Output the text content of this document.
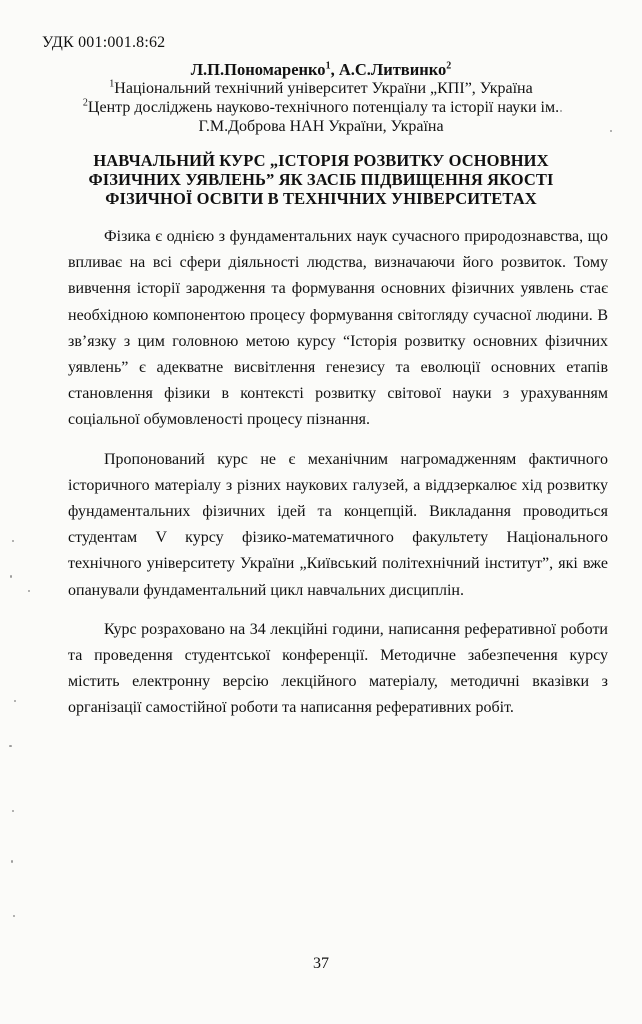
УДК 001:001.8:62
Л.П.Пономаренко$^1$, А.С.Литвинко$^2$
$^1$Національний технічний університет України „КПІ”, Україна
$^2$Центр досліджень науково-технічного потенціалу та історії науки ім.
Г.М.Доброва НАН України, Україна
НАВЧАЛЬНИЙ КУРС „ІСТОРІЯ РОЗВИТКУ ОСНОВНИХ
ФІЗИЧНИХ УЯВЛЕНЬ” ЯК ЗАСІБ ПІДВИЩЕННЯ ЯКОСТІ
ФІЗИЧНОЇ ОСВІТИ В ТЕХНІЧНИХ УНІВЕРСИТЕТАХ

Фізика є однією з фундаментальних наук сучасного природознавства, що впливає на всі сфери діяльності людства, визначаючи його розвиток. Тому вивчення історії зародження та формування основних фізичних уявлень стає необхідною компонентою процесу формування світогляду сучасної людини. В зв’язку з цим головною метою курсу “Історія розвитку основних фізичних уявлень” є адекватне висвітлення генезису та еволюції основних етапів становлення фізики в контексті розвитку світової науки з урахуванням соціальної обумовленості процесу пізнання.

Пропонований курс не є механічним нагромадженням фактичного історичного матеріалу з різних наукових галузей, а віддзеркалює хід розвитку фундаментальних фізичних ідей та концепцій. Викладання проводиться студентам V курсу фізико-математичного факультету Національного технічного університету України „Київський політехнічний інститут”, які вже опанували фундаментальний цикл навчальних дисциплін.

Курс розраховано на 34 лекційні години, написання реферативної роботи та проведення студентської конференції. Методичне забезпечення курсу містить електронну версію лекційного матеріалу, методичні вказівки з організації самостійної роботи та написання реферативних робіт.

37
